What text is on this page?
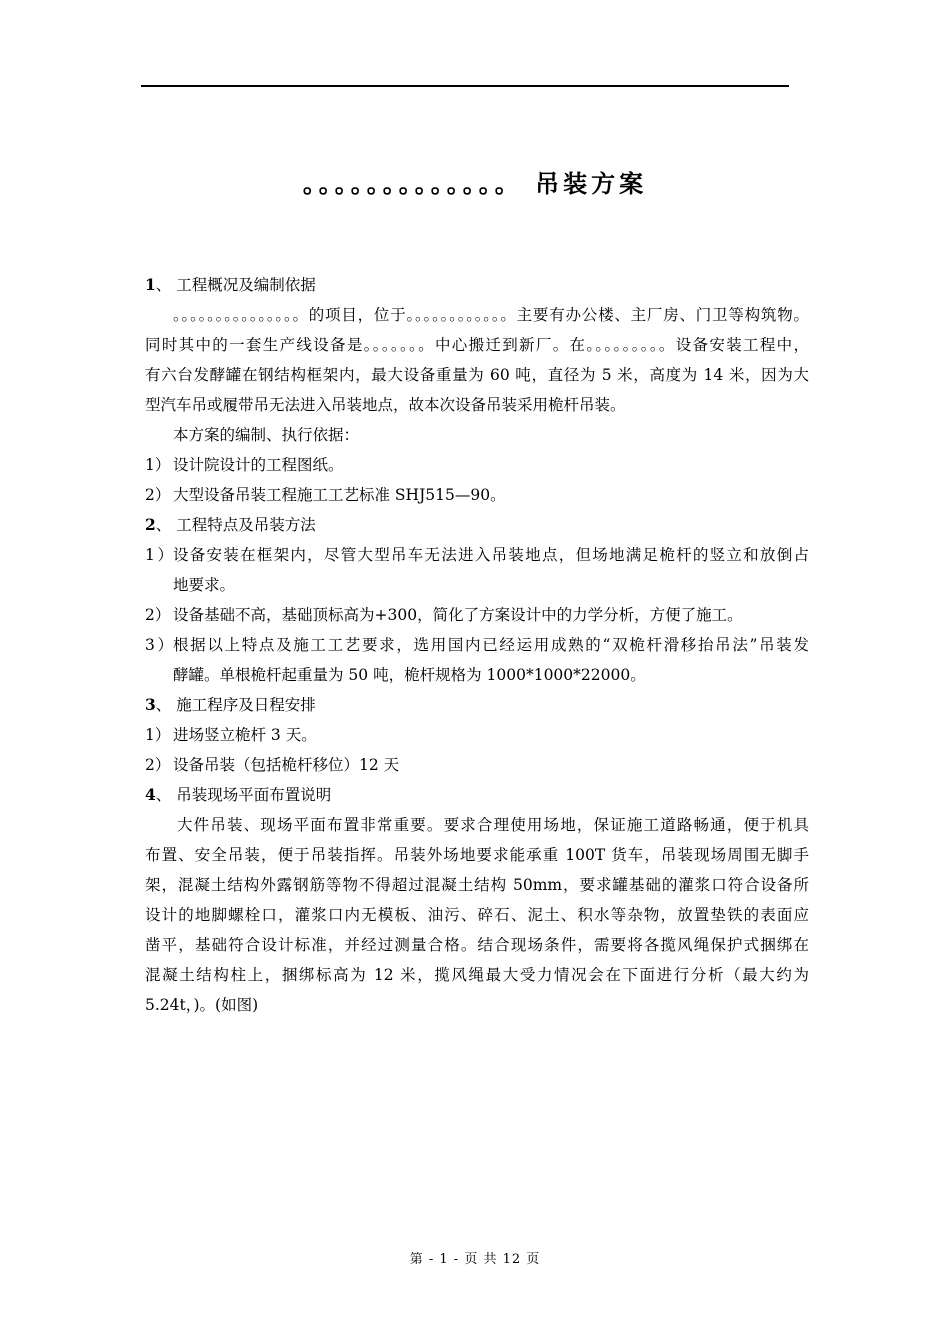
。。。。。。。。。。。。。 吊装方案
1、 工程概况及编制依据
。。。。。。。。。。。。。。。的项目，位于。。。。。。。。。。。。主要有办公楼、主厂房、门卫等构筑物。
同时其中的一套生产线设备是。。。。。。。中心搬迁到新厂。在。。。。。。。。。设备安装工程中，
有六台发酵罐在钢结构框架内，最大设备重量为 60 吨，直径为 5 米，高度为 14 米，因为大
型汽车吊或履带吊无法进入吊装地点，故本次设备吊装采用桅杆吊装。
本方案的编制、执行依据：
1） 设计院设计的工程图纸。
2） 大型设备吊装工程施工工艺标准 SHJ515—90。
2、 工程特点及吊装方法
1） 设备安装在框架内，尽管大型吊车无法进入吊装地点，但场地满足桅杆的竖立和放倒占
地要求。
2） 设备基础不高，基础顶标高为+300，简化了方案设计中的力学分析，方便了施工。
3） 根据以上特点及施工工艺要求，选用国内已经运用成熟的“双桅杆滑移抬吊法”吊装发
酵罐。单根桅杆起重量为 50 吨，桅杆规格为 1000*1000*22000。
3、 施工程序及日程安排
1） 进场竖立桅杆 3 天。
2） 设备吊装（包括桅杆移位）12 天
4、 吊装现场平面布置说明
大件吊装、现场平面布置非常重要。要求合理使用场地，保证施工道路畅通，便于机具
布置、安全吊装，便于吊装指挥。吊装外场地要求能承重 100T 货车，吊装现场周围无脚手
架，混凝土结构外露钢筋等物不得超过混凝土结构 50mm，要求罐基础的灌浆口符合设备所
设计的地脚螺栓口，灌浆口内无模板、油污、碎石、泥土、积水等杂物，放置垫铁的表面应
凿平，基础符合设计标准，并经过测量合格。结合现场条件，需要将各揽风绳保护式捆绑在
混凝土结构柱上，捆绑标高为 12 米，揽风绳最大受力情况会在下面进行分析（最大约为
5.24t，)。(如图)
第 - 1 - 页 共 12 页
